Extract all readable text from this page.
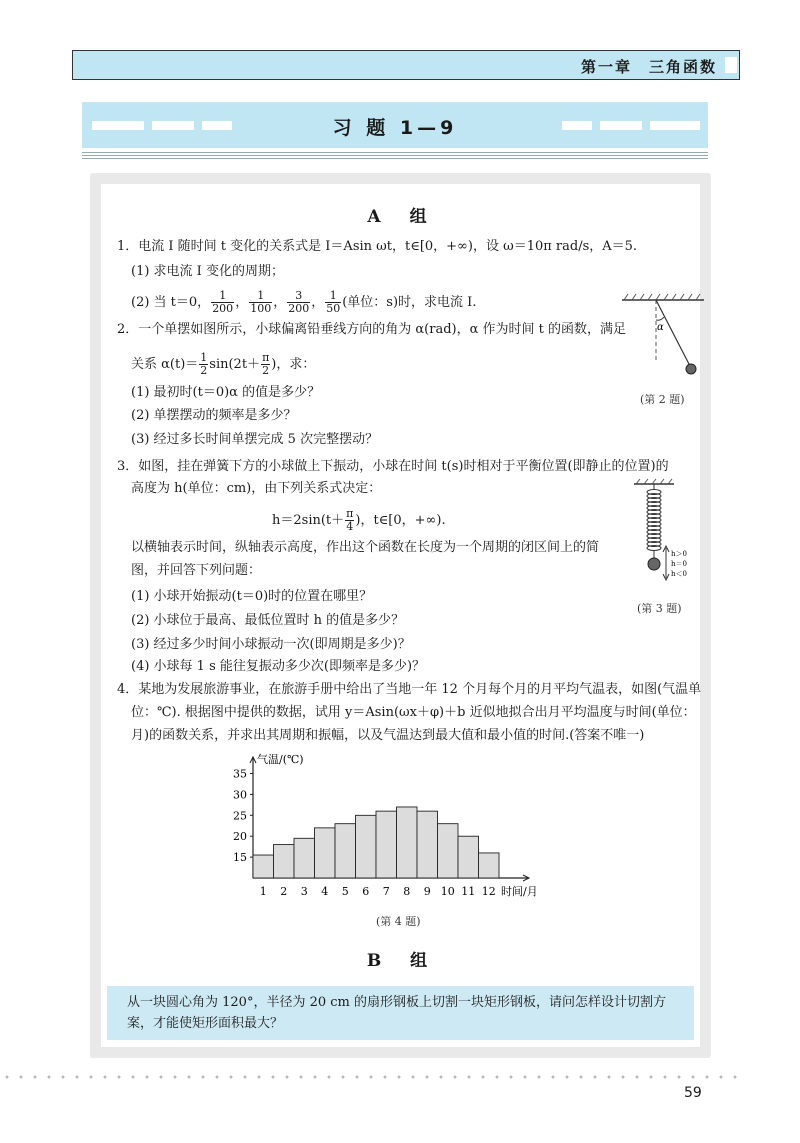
第一章　三角函数
习 题 1—9
A　组
1．电流 I 随时间 t 变化的关系式是 I＝Asin ωt，t∈[0，+∞)，设 ω＝10π rad/s，A＝5.
(1) 求电流 I 变化的周期；
(2) 当 t＝0， $\frac{1}{200}$ ， $\frac{1}{100}$ ， $\frac{3}{200}$ ， $\frac{1}{50}$ (单位：s)时，求电流 I.
2．一个单摆如图所示，小球偏离铅垂线方向的角为 α(rad)，α 作为时间 t 的函数，满足
关系 $\alpha(t)= \frac{1}{2} \sin(2t+ \frac{\pi}{2}$ )，求：
(1) 最初时(t＝0)α 的值是多少？
(2) 单摆摆动的频率是多少？
(3) 经过多长时间单摆完成 5 次完整摆动？
α
(第 2 题)
3．如图，挂在弹簧下方的小球做上下振动，小球在时间 t(s)时相对于平衡位置(即静止的位置)的
高度为 h(单位：cm)，由下列关系式决定：
$h=2\sin(t+ \frac{\pi}{4}$ )，t∈[0，+∞).
以横轴表示时间，纵轴表示高度，作出这个函数在长度为一个周期的闭区间上的简
图，并回答下列问题：
(1) 小球开始振动(t＝0)时的位置在哪里？
(2) 小球位于最高、最低位置时 h 的值是多少？
(3) 经过多少时间小球振动一次(即周期是多少)？
(4) 小球每 1 s 能往复振动多少次(即频率是多少)？
h＞0
h＝0
h＜0
(第 3 题)
4．某地为发展旅游事业，在旅游手册中给出了当地一年 12 个月每个月的月平均气温表，如图(气温单
位：℃). 根据图中提供的数据，试用 y＝Asin(ωx＋φ)＋b 近似地拟合出月平均温度与时间(单位：
月)的函数关系，并求出其周期和振幅，以及气温达到最大值和最小值的时间.(答案不唯一)
气温/(℃)
时间/月
15
20
25
30
35
1 2 3 4 5 6 7 8 9 10 11 12
(第 4 题)
B　组
从一块圆心角为 120°，半径为 20 cm 的扇形钢板上切割一块矩形钢板，请问怎样设计切割方案，才能使矩形面积最大？
59
